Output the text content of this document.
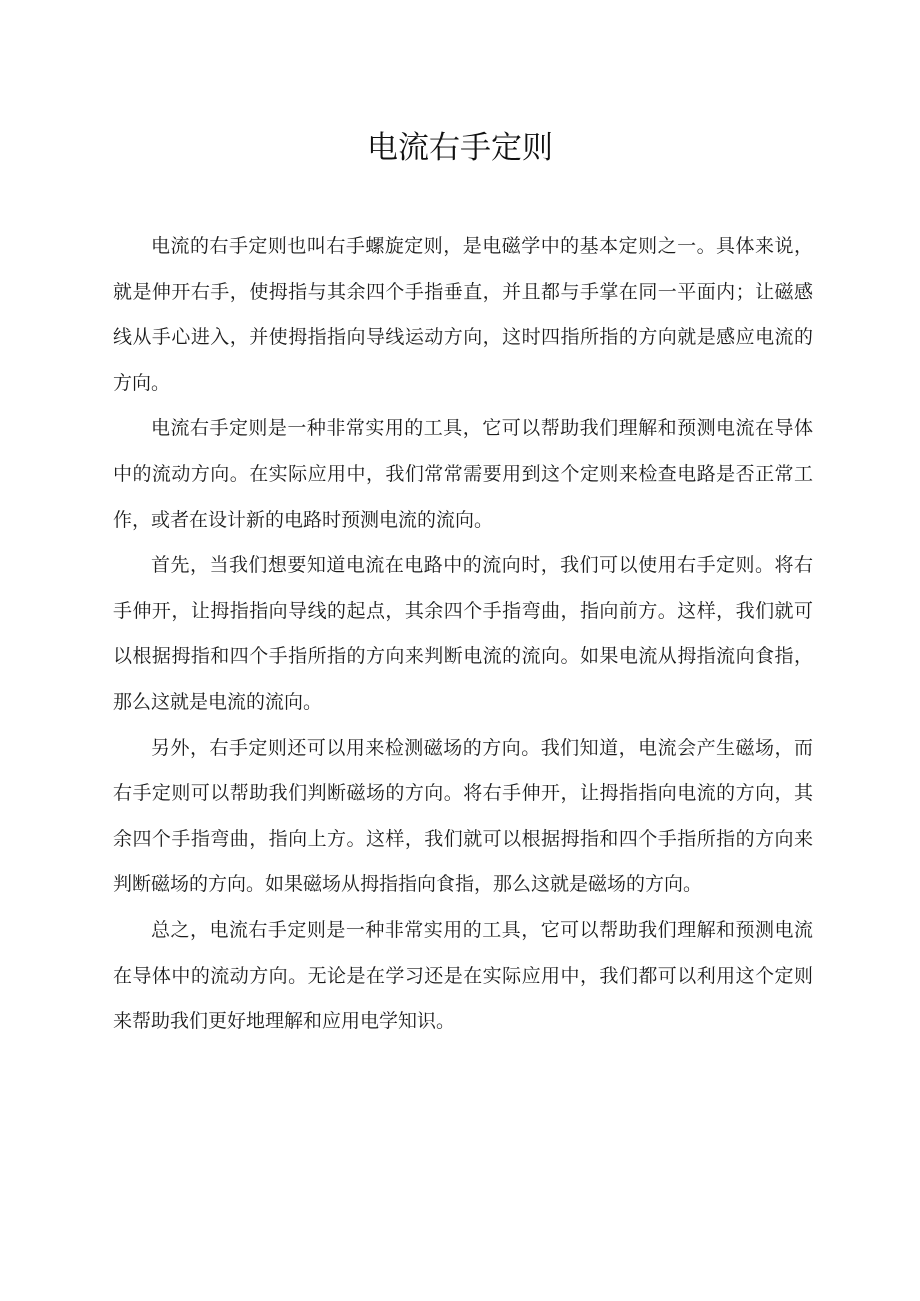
电流右手定则

电流的右手定则也叫右手螺旋定则，是电磁学中的基本定则之一。具体来说，就是伸开右手，使拇指与其余四个手指垂直，并且都与手掌在同一平面内；让磁感线从手心进入，并使拇指指向导线运动方向，这时四指所指的方向就是感应电流的方向。

电流右手定则是一种非常实用的工具，它可以帮助我们理解和预测电流在导体中的流动方向。在实际应用中，我们常常需要用到这个定则来检查电路是否正常工作，或者在设计新的电路时预测电流的流向。

首先，当我们想要知道电流在电路中的流向时，我们可以使用右手定则。将右手伸开，让拇指指向导线的起点，其余四个手指弯曲，指向前方。这样，我们就可以根据拇指和四个手指所指的方向来判断电流的流向。如果电流从拇指流向食指，那么这就是电流的流向。

另外，右手定则还可以用来检测磁场的方向。我们知道，电流会产生磁场，而右手定则可以帮助我们判断磁场的方向。将右手伸开，让拇指指向电流的方向，其余四个手指弯曲，指向上方。这样，我们就可以根据拇指和四个手指所指的方向来判断磁场的方向。如果磁场从拇指指向食指，那么这就是磁场的方向。

总之，电流右手定则是一种非常实用的工具，它可以帮助我们理解和预测电流在导体中的流动方向。无论是在学习还是在实际应用中，我们都可以利用这个定则来帮助我们更好地理解和应用电学知识。
